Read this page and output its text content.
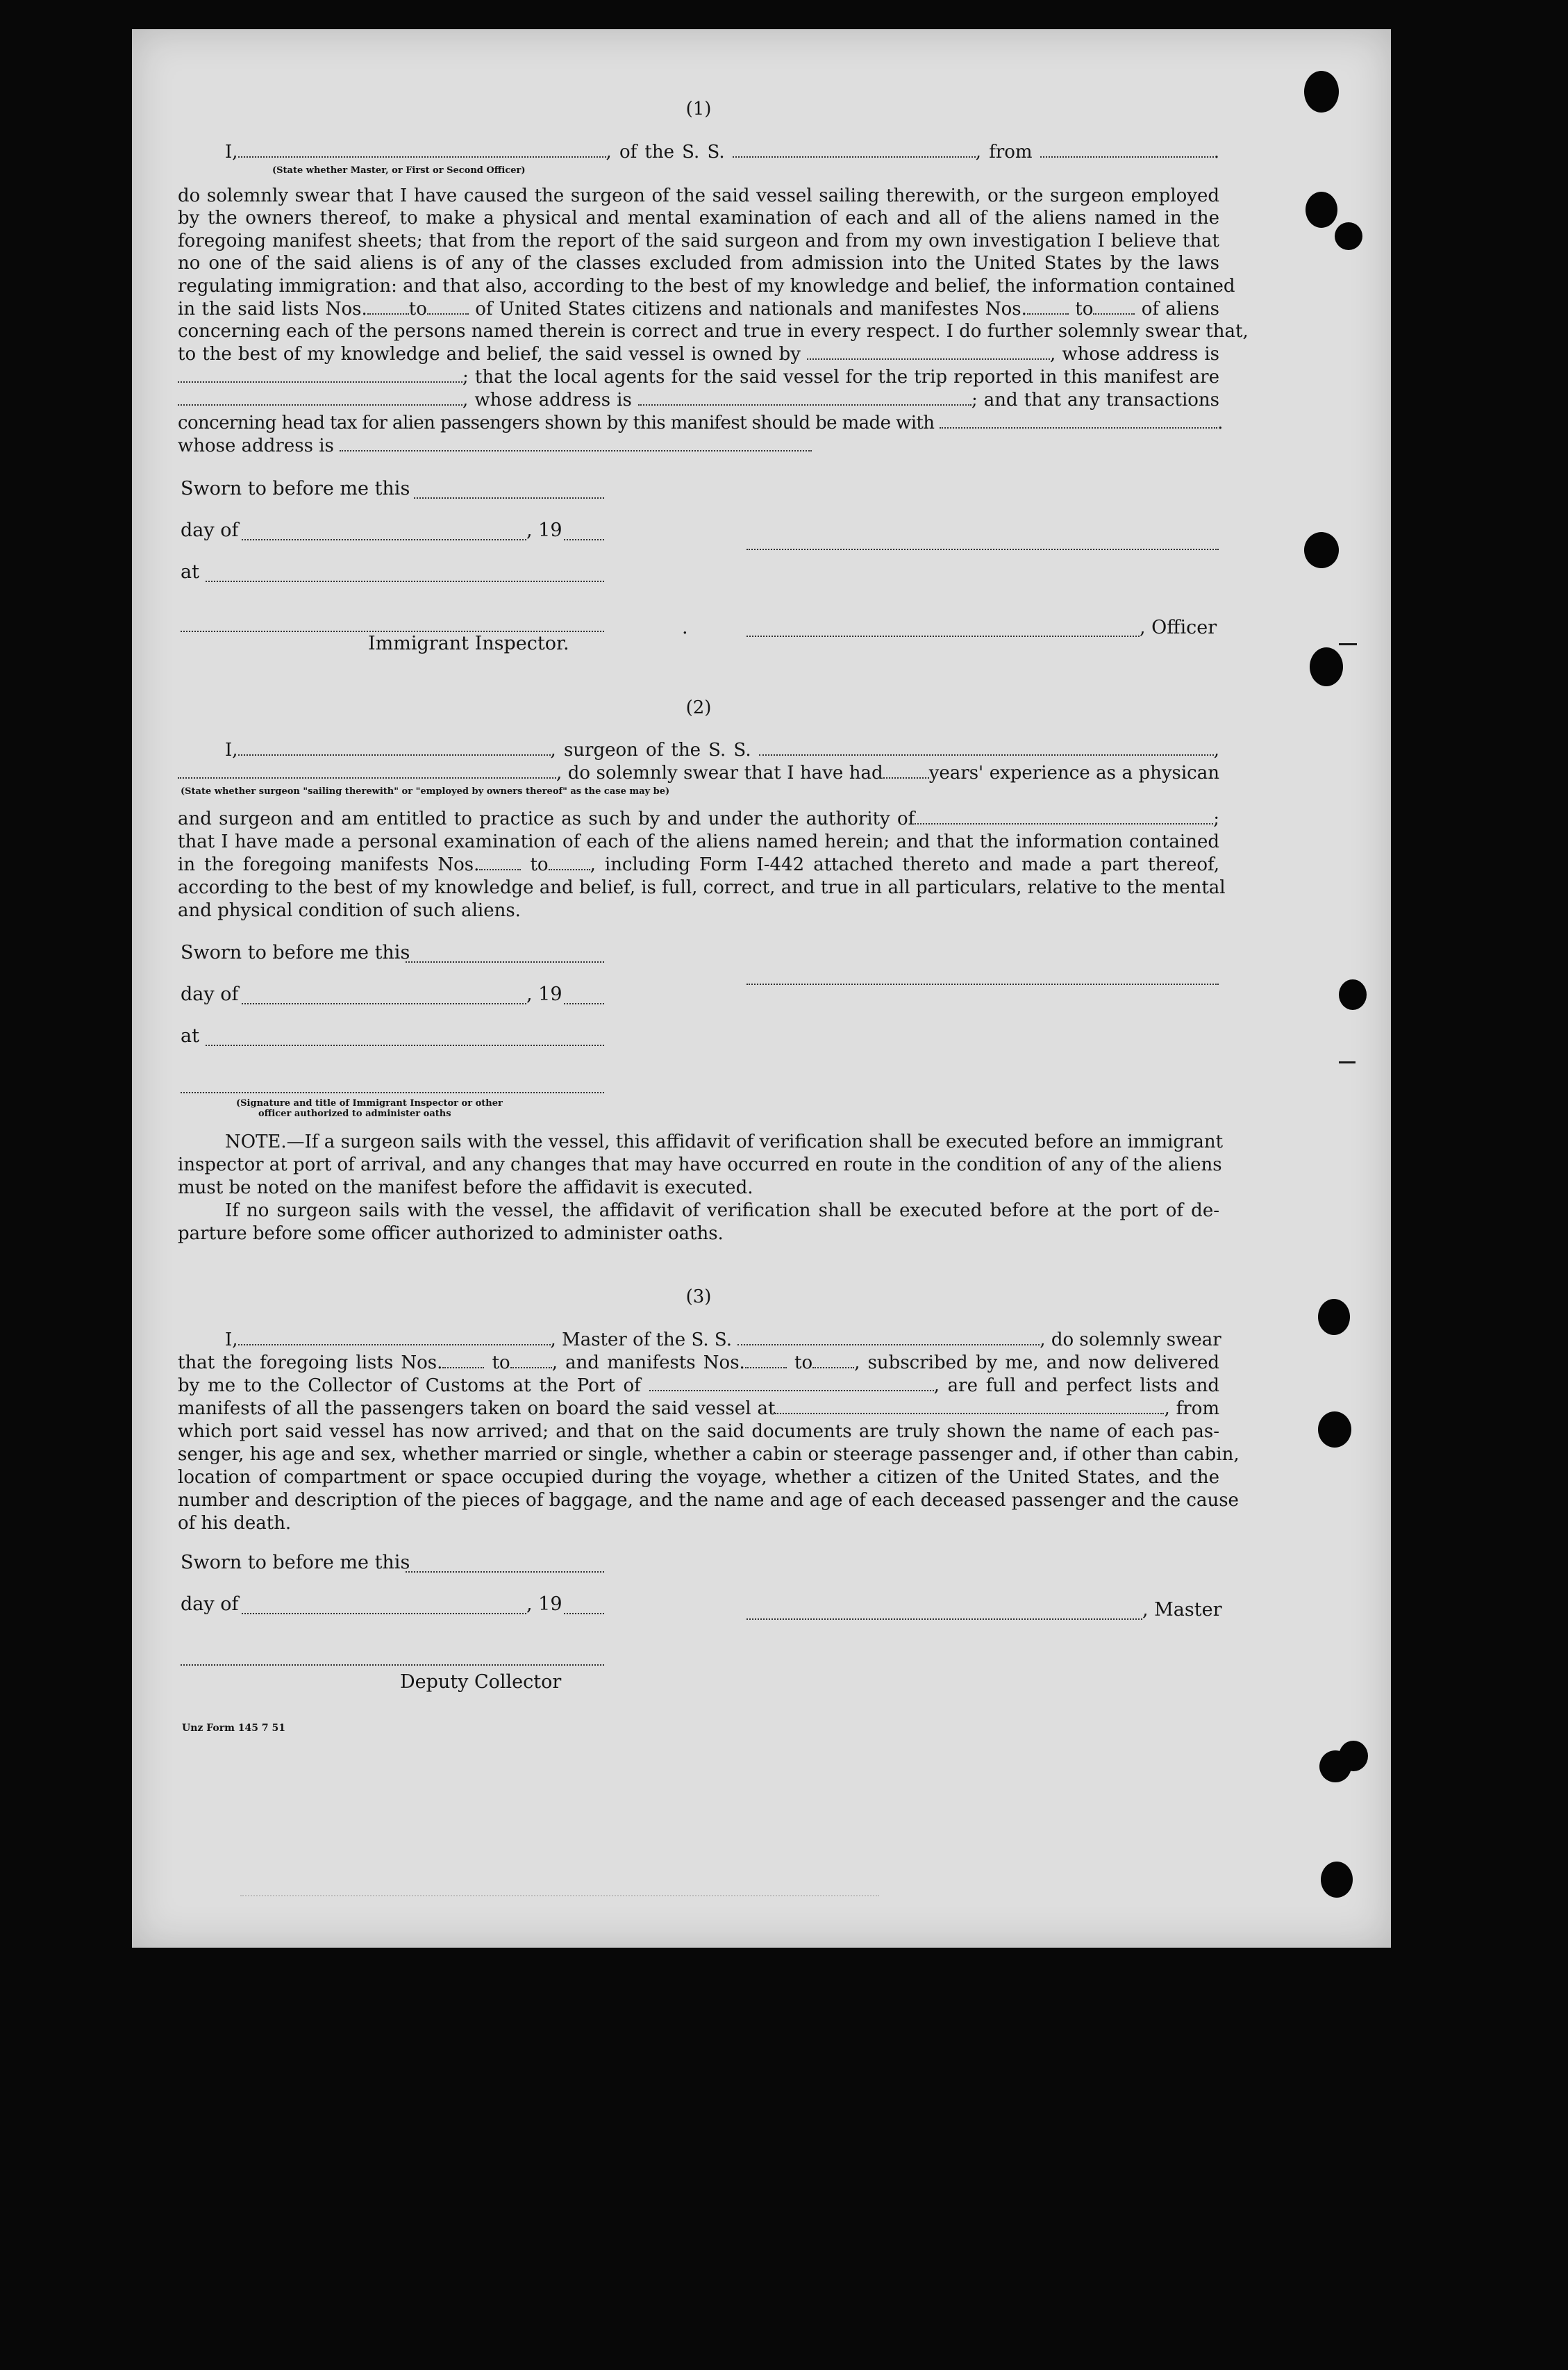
(1)
I,	, of the S. S.	, from	.
(State whether Master, or First or Second Officer)
do solemnly swear that I have caused the surgeon of the said vessel sailing therewith, or the surgeon employed
by the owners thereof, to make a physical and mental examination of each and all of the aliens named in the
foregoing manifest sheets; that from the report of the said surgeon and from my own investigation I believe that
no one of the said aliens is of any of the classes excluded from admission into the United States by the laws
regulating immigration: and that also, according to the best of my knowledge and belief, the information contained
in the said lists Nos. to	of United States citizens and nationals and manifestes Nos.	to	of aliens
concerning each of the persons named therein is correct and true in every respect. I do further solemnly swear that,
to the best of my knowledge and belief, the said vessel is owned by	, whose address is
; that the local agents for the said vessel for the trip reported in this manifest are
, whose address is	; and that any transactions
concerning head tax for alien passengers shown by this manifest should be made with	.
whose address is
Sworn to before me this
day of	, 19
at
.	, Officer
Immigrant Inspector.
(2)
I,	, surgeon of the S. S.	,
, do solemnly swear that I have had	years' experience as a physican
(State whether surgeon "sailing therewith" or "employed by owners thereof" as the case may be)
and surgeon and am entitled to practice as such by and under the authority of	;
that I have made a personal examination of each of the aliens named herein; and that the information contained
in the foregoing manifests Nos.	to , including Form I-442 attached thereto and made a part thereof,
according to the best of my knowledge and belief, is full, correct, and true in all particulars, relative to the mental
and physical condition of such aliens.
Sworn to before me this
day of	, 19
at
(Signature and title of Immigrant Inspector or other
officer authorized to administer oaths
NOTE.—If a surgeon sails with the vessel, this affidavit of verification shall be executed before an immigrant
inspector at port of arrival, and any changes that may have occurred en route in the condition of any of the aliens
must be noted on the manifest before the affidavit is executed.
If no surgeon sails with the vessel, the affidavit of verification shall be executed before at the port of de-
parture before some officer authorized to administer oaths.
(3)
I,	, Master of the S. S.	, do solemnly swear
that the foregoing lists Nos.	to , and manifests Nos.	to , subscribed by me, and now delivered
by me to the Collector of Customs at the Port of	, are full and perfect lists and
manifests of all the passengers taken on board the said vessel at	, from
which port said vessel has now arrived; and that on the said documents are truly shown the name of each pas-
senger, his age and sex, whether married or single, whether a cabin or steerage passenger and, if other than cabin,
location of compartment or space occupied during the voyage, whether a citizen of the United States, and the
number and description of the pieces of baggage, and the name and age of each deceased passenger and the cause
of his death.
Sworn to before me this
day of	, 19	, Master
Deputy Collector
Unz Form 145 7 51
